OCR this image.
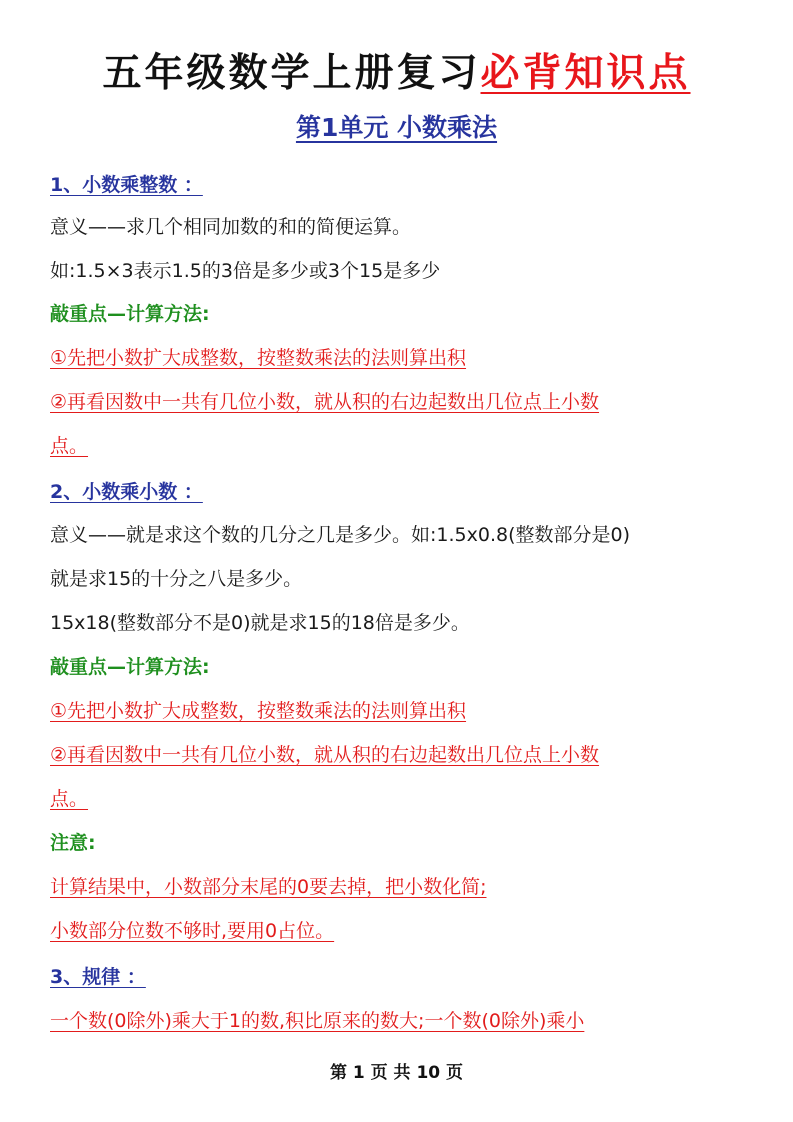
五年级数学上册复习必背知识点
第1单元 小数乘法
1、小数乘整数 ：
意义——求几个相同加数的和的简便运算。
如:1.5×3表示1.5的3倍是多少或3个15是多少
敲重点—计算方法:
①先把小数扩大成整数，按整数乘法的法则算出积
②再看因数中一共有几位小数，就从积的右边起数出几位点上小数
点。
2、小数乘小数 ：
意义——就是求这个数的几分之几是多少。如:1.5x0.8(整数部分是0)
就是求15的十分之八是多少。
15x18(整数部分不是0)就是求15的18倍是多少。
敲重点—计算方法:
①先把小数扩大成整数，按整数乘法的法则算出积
②再看因数中一共有几位小数，就从积的右边起数出几位点上小数
点。
注意:
计算结果中，小数部分末尾的0要去掉，把小数化简;
小数部分位数不够时,要用0占位。
3、规律 ：
一个数(0除外)乘大于1的数,积比原来的数大;一个数(0除外)乘小
第 1 页 共 10 页
